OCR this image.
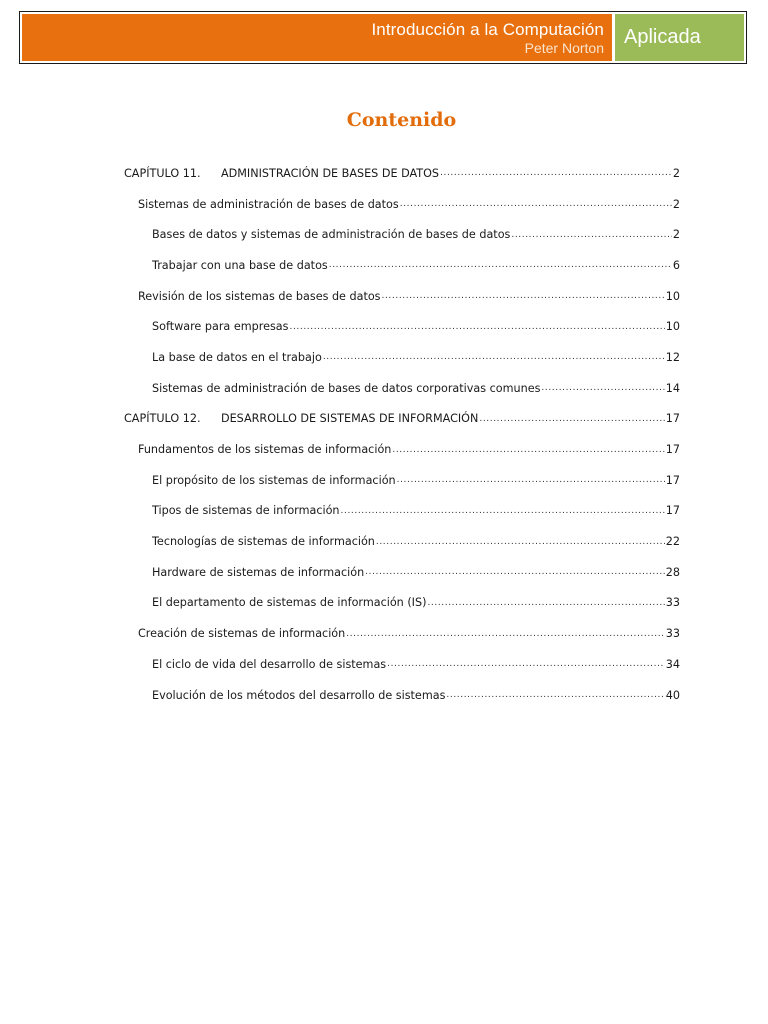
Introducción a la Computación
Peter Norton	Aplicada
Contenido
CAPÍTULO 11. ADMINISTRACIÓN DE BASES DE DATOS .....	2
Sistemas de administración de bases de datos .....	2
Bases de datos y sistemas de administración de bases de datos .....	2
Trabajar con una base de datos .....	6
Revisión de los sistemas de bases de datos .....	10
Software para empresas .....	10
La base de datos en el trabajo .....	12
Sistemas de administración de bases de datos corporativas comunes .....	14
CAPÍTULO 12. DESARROLLO DE SISTEMAS DE INFORMACIÓN .....	17
Fundamentos de los sistemas de información .....	17
El propósito de los sistemas de información .....	17
Tipos de sistemas de información .....	17
Tecnologías de sistemas de información .....	22
Hardware de sistemas de información .....	28
El departamento de sistemas de información (IS) .....	33
Creación de sistemas de información .....	33
El ciclo de vida del desarrollo de sistemas .....	34
Evolución de los métodos del desarrollo de sistemas .....	40
